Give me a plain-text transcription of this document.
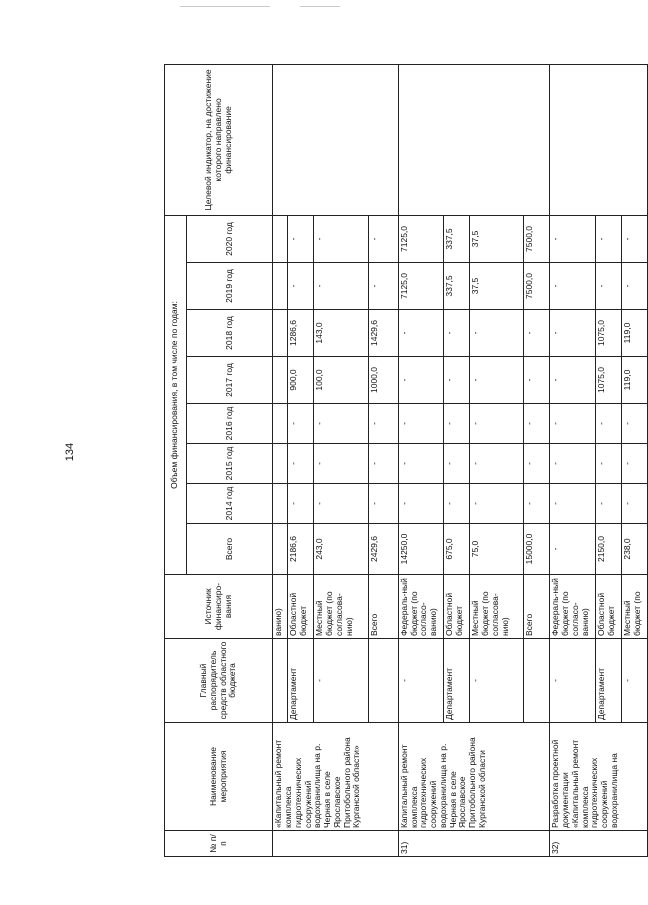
134
№ п/п	Наименование мероприятия	Главный распорядитель средств областного бюджета	Источник финансиро-вания	Объем финансирования, в том числе по годам:								Целевой индикатор, на достижение которого направлено финансирование
				Всего	2014 год	2015 год	2016 год	2017 год	2018 год	2019 год	2020 год	
	«Капитальный ремонт комплекса гидротехнических сооружений водохранилища на р. Черная в селе Ярославское Притобольного района Курганской области»		ванию)									
		Департамент	Областной бюджет	2186,6	-	-	-	900,0	1286,6	-	-	
		-	Местный бюджет (по согласова-нию)	243,0	-	-	-	100,0	143,0	-	-	
			Всего	2429,6	-	-	-	1000,0	1429,6	-	-	
31)	Капитальный ремонт комплекса гидротехнических сооружений водохранилища на р. Черная в селе Ярославское Притобольного района Курганской области	-	Федераль-ный бюджет (по согласо-ванию)	14250,0	-	-	-	-	-	7125,0	7125,0	
		Департамент	Областной бюджет	675,0	-	-	-	-	-	337,5	337,5	
		-	Местный бюджет (по согласова-нию)	75,0	-	-	-	-	-	37,5	37,5	
			Всего	15000,0	-	-	-	-	-	7500,0	7500,0	
32)	Разработка проектной документации «Капитальный ремонт комплекса гидротехнических сооружений водохранилища на	-	Федераль-ный бюджет (по согласо-ванию)	-	-	-	-	-	-	-	-	
		Департамент	Областной бюджет	2150,0	-	-	-	1075,0	1075,0	-	-	
		-	Местный бюджет (по	238,0	-	-	-	119,0	119,0	-	-	
